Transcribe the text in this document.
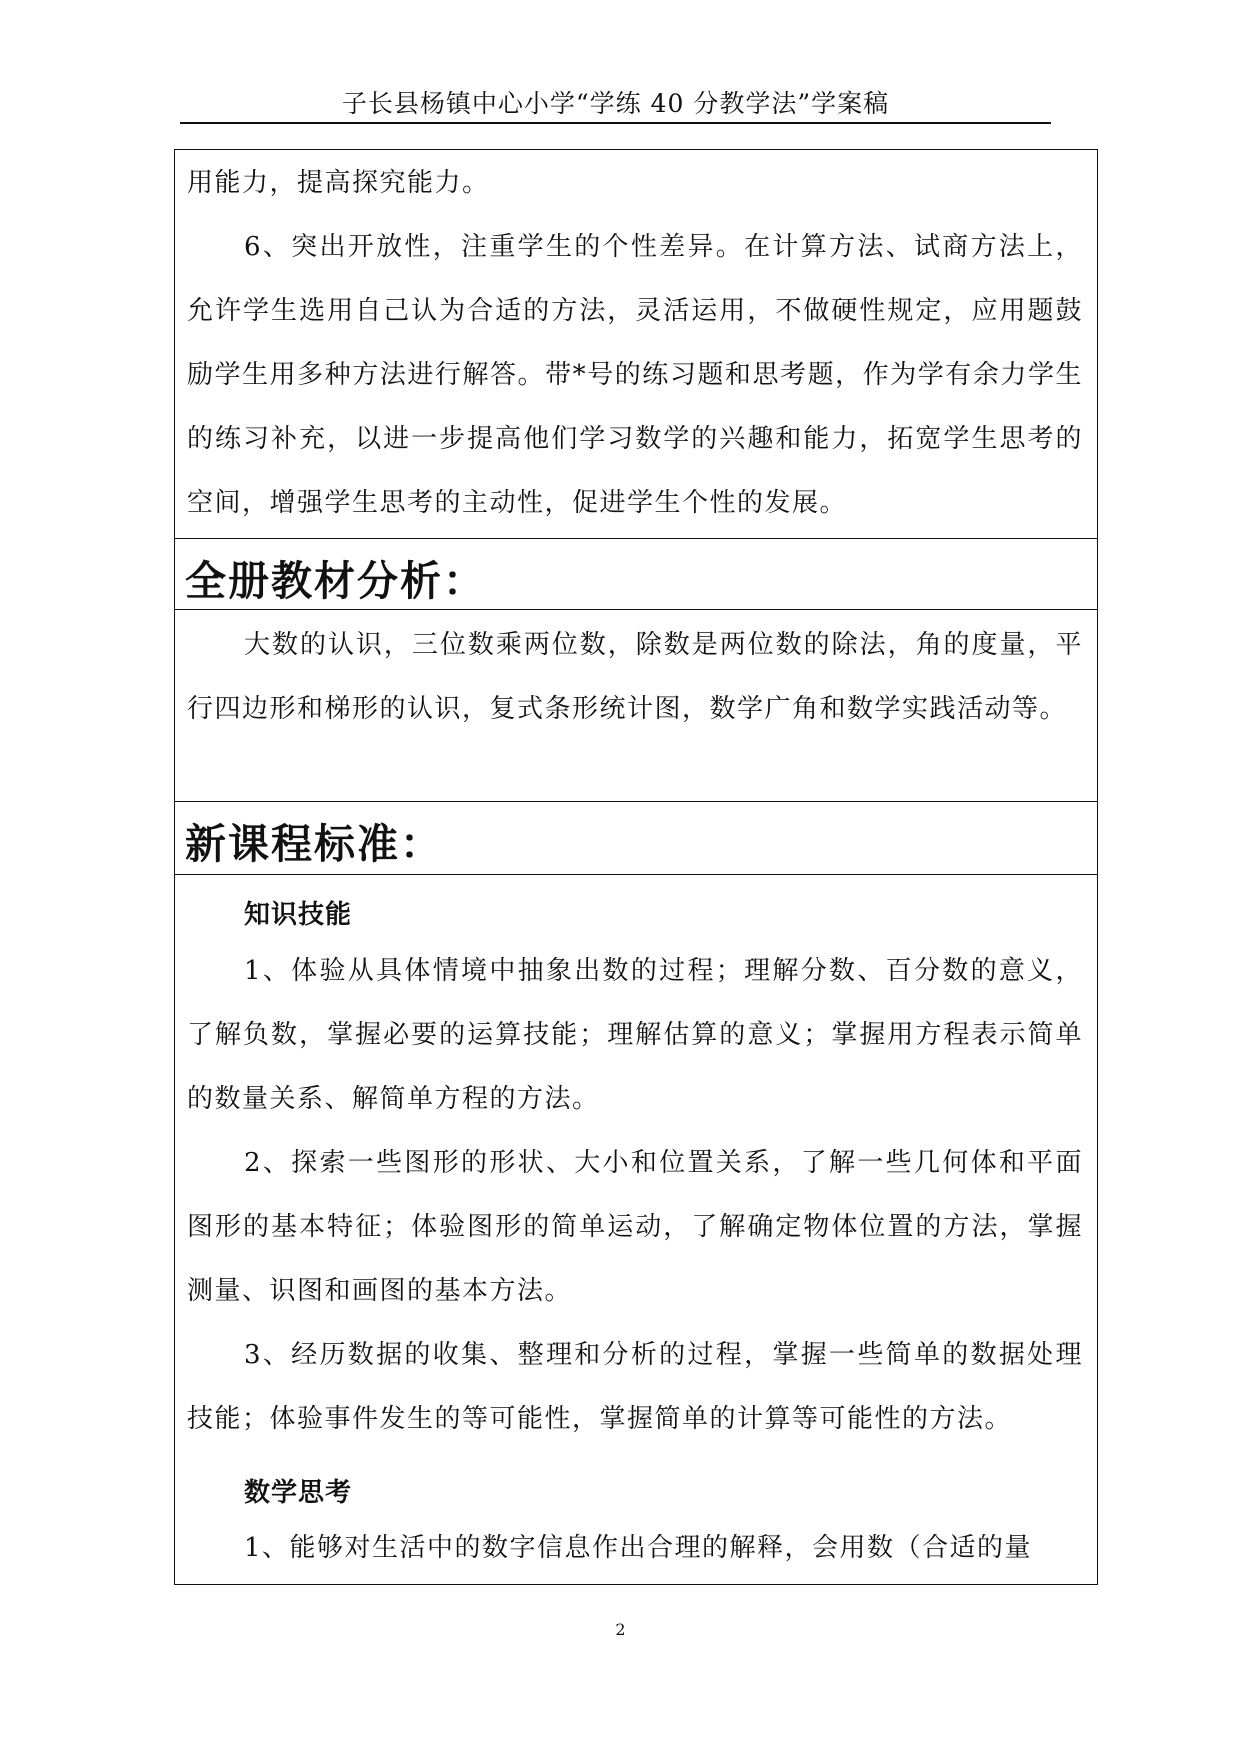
子长县杨镇中心小学“学练 40 分教学法”学案稿
用能力，提高探究能力。
6、突出开放性，注重学生的个性差异。在计算方法、试商方法上，允许学生选用自己认为合适的方法，灵活运用，不做硬性规定，应用题鼓励学生用多种方法进行解答。带*号的练习题和思考题，作为学有余力学生的练习补充，以进一步提高他们学习数学的兴趣和能力，拓宽学生思考的空间，增强学生思考的主动性，促进学生个性的发展。
全册教材分析：
大数的认识，三位数乘两位数，除数是两位数的除法，角的度量，平行四边形和梯形的认识，复式条形统计图，数学广角和数学实践活动等。
新课程标准：
知识技能
1、体验从具体情境中抽象出数的过程；理解分数、百分数的意义，了解负数，掌握必要的运算技能；理解估算的意义；掌握用方程表示简单的数量关系、解简单方程的方法。
2、探索一些图形的形状、大小和位置关系，了解一些几何体和平面图形的基本特征；体验图形的简单运动，了解确定物体位置的方法，掌握测量、识图和画图的基本方法。
3、经历数据的收集、整理和分析的过程，掌握一些简单的数据处理技能；体验事件发生的等可能性，掌握简单的计算等可能性的方法。
数学思考
1、能够对生活中的数字信息作出合理的解释，会用数（合适的量
2
